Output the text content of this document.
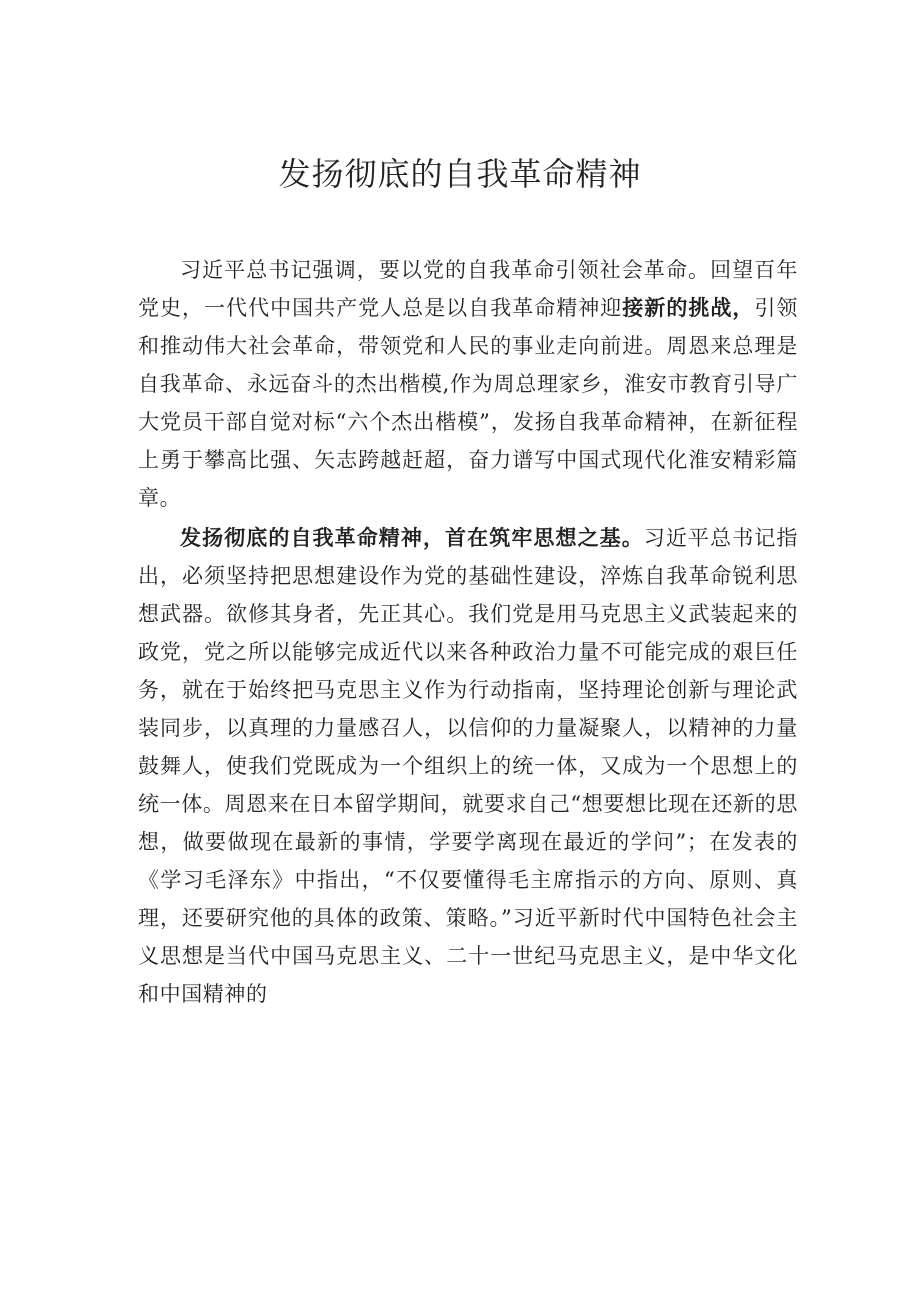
发扬彻底的自我革命精神

习近平总书记强调，要以党的自我革命引领社会革命。回望百年党史，一代代中国共产党人总是以自我革命精神迎接新的挑战，引领和推动伟大社会革命，带领党和人民的事业走向前进。周恩来总理是自我革命、永远奋斗的杰出楷模,作为周总理家乡，淮安市教育引导广大党员干部自觉对标“六个杰出楷模”，发扬自我革命精神，在新征程上勇于攀高比强、矢志跨越赶超，奋力谱写中国式现代化淮安精彩篇章。

发扬彻底的自我革命精神，首在筑牢思想之基。习近平总书记指出，必须坚持把思想建设作为党的基础性建设，淬炼自我革命锐利思想武器。欲修其身者，先正其心。我们党是用马克思主义武装起来的政党，党之所以能够完成近代以来各种政治力量不可能完成的艰巨任务，就在于始终把马克思主义作为行动指南，坚持理论创新与理论武装同步，以真理的力量感召人，以信仰的力量凝聚人，以精神的力量鼓舞人，使我们党既成为一个组织上的统一体，又成为一个思想上的统一体。周恩来在日本留学期间，就要求自己“想要想比现在还新的思想，做要做现在最新的事情，学要学离现在最近的学问”；在发表的《学习毛泽东》中指出，“不仅要懂得毛主席指示的方向、原则、真理，还要研究他的具体的政策、策略。”习近平新时代中国特色社会主义思想是当代中国马克思主义、二十一世纪马克思主义，是中华文化和中国精神的
